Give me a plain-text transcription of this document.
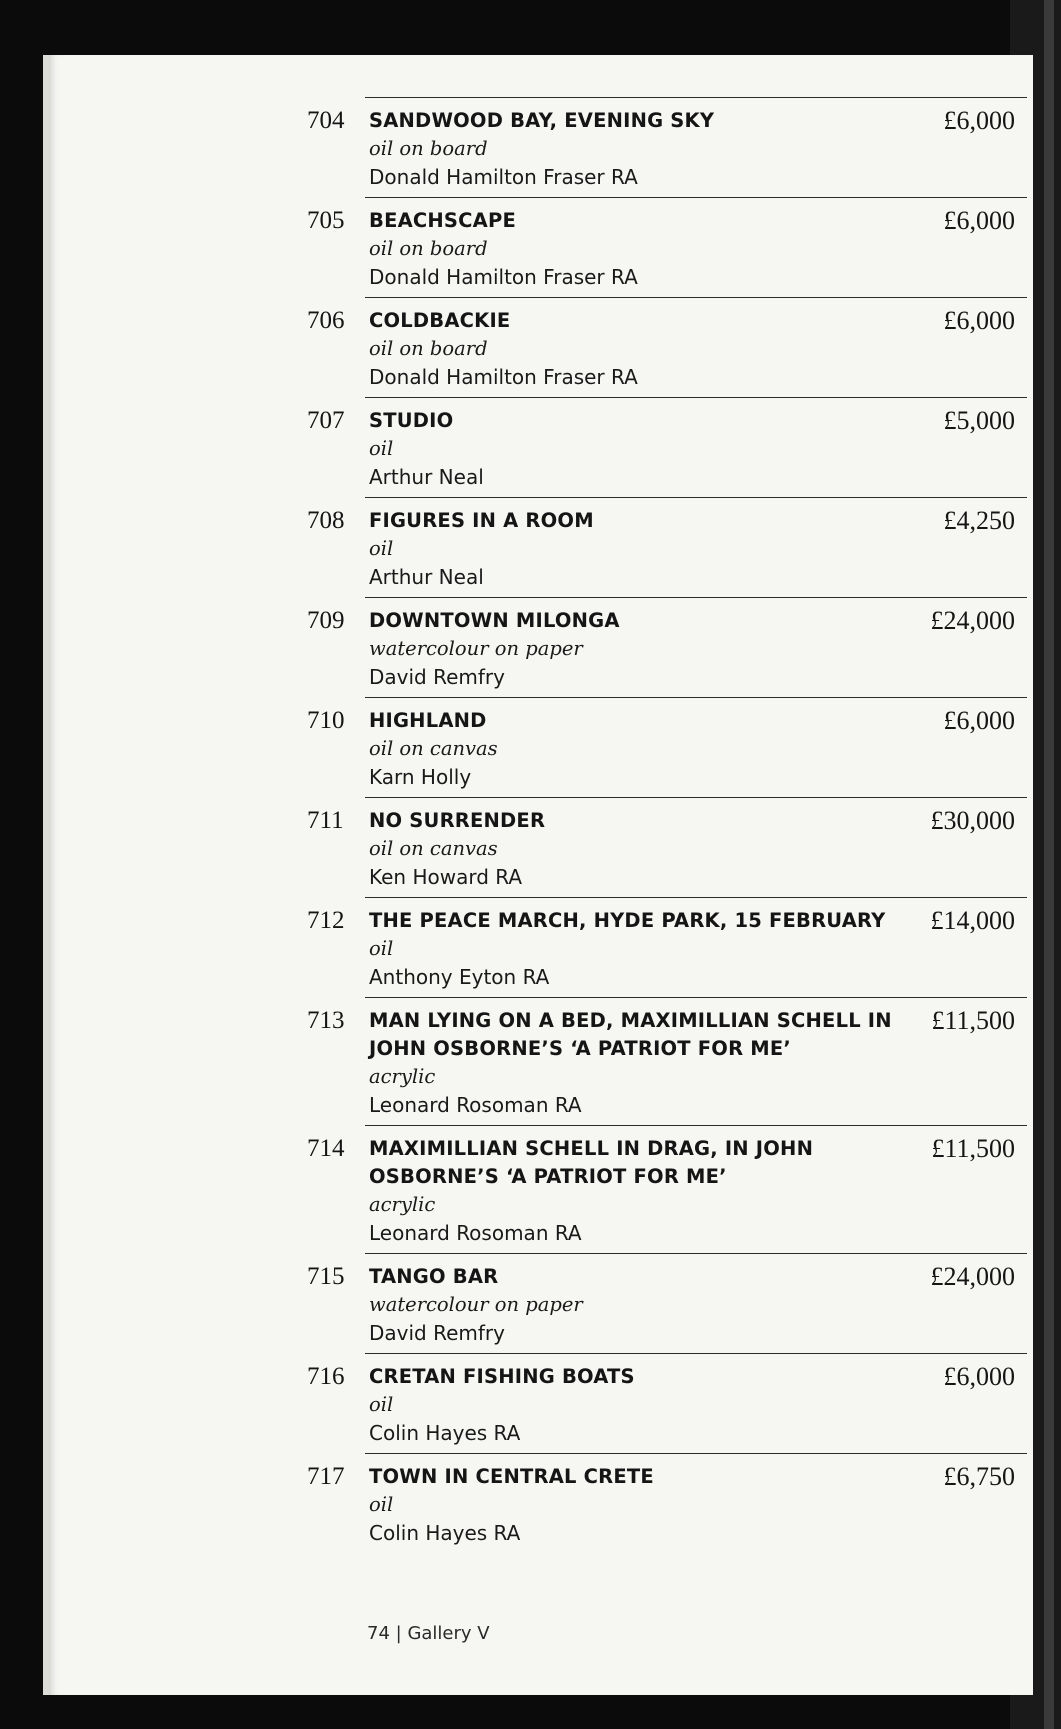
704	SANDWOOD BAY, EVENING SKY
oil on board
Donald Hamilton Fraser RA
£6,000
705	BEACHSCAPE
oil on board
Donald Hamilton Fraser RA
£6,000
706	COLDBACKIE
oil on board
Donald Hamilton Fraser RA
£6,000
707	STUDIO
oil
Arthur Neal
£5,000
708	FIGURES IN A ROOM
oil
Arthur Neal
£4,250
709	DOWNTOWN MILONGA
watercolour on paper
David Remfry
£24,000
710	HIGHLAND
oil on canvas
Karn Holly
£6,000
711	NO SURRENDER
oil on canvas
Ken Howard RA
£30,000
712	THE PEACE MARCH, HYDE PARK, 15 FEBRUARY
oil
Anthony Eyton RA
£14,000
713	MAN LYING ON A BED, MAXIMILLIAN SCHELL IN JOHN OSBORNE’S ‘A PATRIOT FOR ME’
acrylic
Leonard Rosoman RA
£11,500
714	MAXIMILLIAN SCHELL IN DRAG, IN JOHN OSBORNE’S ‘A PATRIOT FOR ME’
acrylic
Leonard Rosoman RA
£11,500
715	TANGO BAR
watercolour on paper
David Remfry
£24,000
716	CRETAN FISHING BOATS
oil
Colin Hayes RA
£6,000
717	TOWN IN CENTRAL CRETE
oil
Colin Hayes RA
£6,750
74 | Gallery V
